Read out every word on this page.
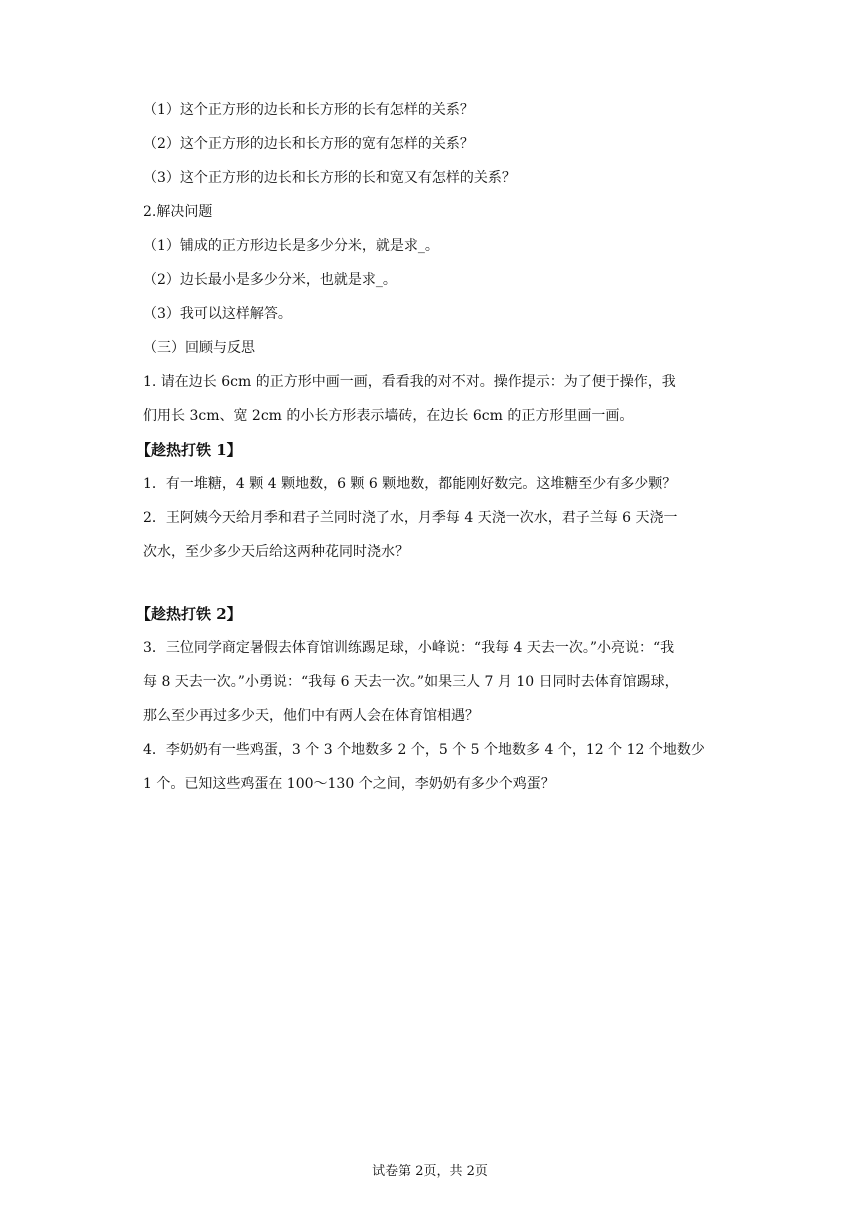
（1）这个正方形的边长和长方形的长有怎样的关系？
（2）这个正方形的边长和长方形的宽有怎样的关系？
（3）这个正方形的边长和长方形的长和宽又有怎样的关系？
2.解决问题
（1）铺成的正方形边长是多少分米，就是求_。
（2）边长最小是多少分米，也就是求_。
（3）我可以这样解答。
（三）回顾与反思
1. 请在边长 6cm 的正方形中画一画，看看我的对不对。操作提示：为了便于操作，我
们用长 3cm、宽 2cm 的小长方形表示墙砖，在边长 6cm 的正方形里画一画。
【趁热打铁 1】
1．有一堆糖，4 颗 4 颗地数，6 颗 6 颗地数，都能刚好数完。这堆糖至少有多少颗？
2．王阿姨今天给月季和君子兰同时浇了水，月季每 4 天浇一次水，君子兰每 6 天浇一
次水，至少多少天后给这两种花同时浇水？
【趁热打铁 2】
3．三位同学商定暑假去体育馆训练踢足球，小峰说：“我每 4 天去一次。”小亮说：“我
每 8 天去一次。”小勇说：“我每 6 天去一次。”如果三人 7 月 10 日同时去体育馆踢球，
那么至少再过多少天，他们中有两人会在体育馆相遇？
4．李奶奶有一些鸡蛋，3 个 3 个地数多 2 个，5 个 5 个地数多 4 个，12 个 12 个地数少
1 个。已知这些鸡蛋在 100～130 个之间，李奶奶有多少个鸡蛋？
试卷第 2页，共 2页
